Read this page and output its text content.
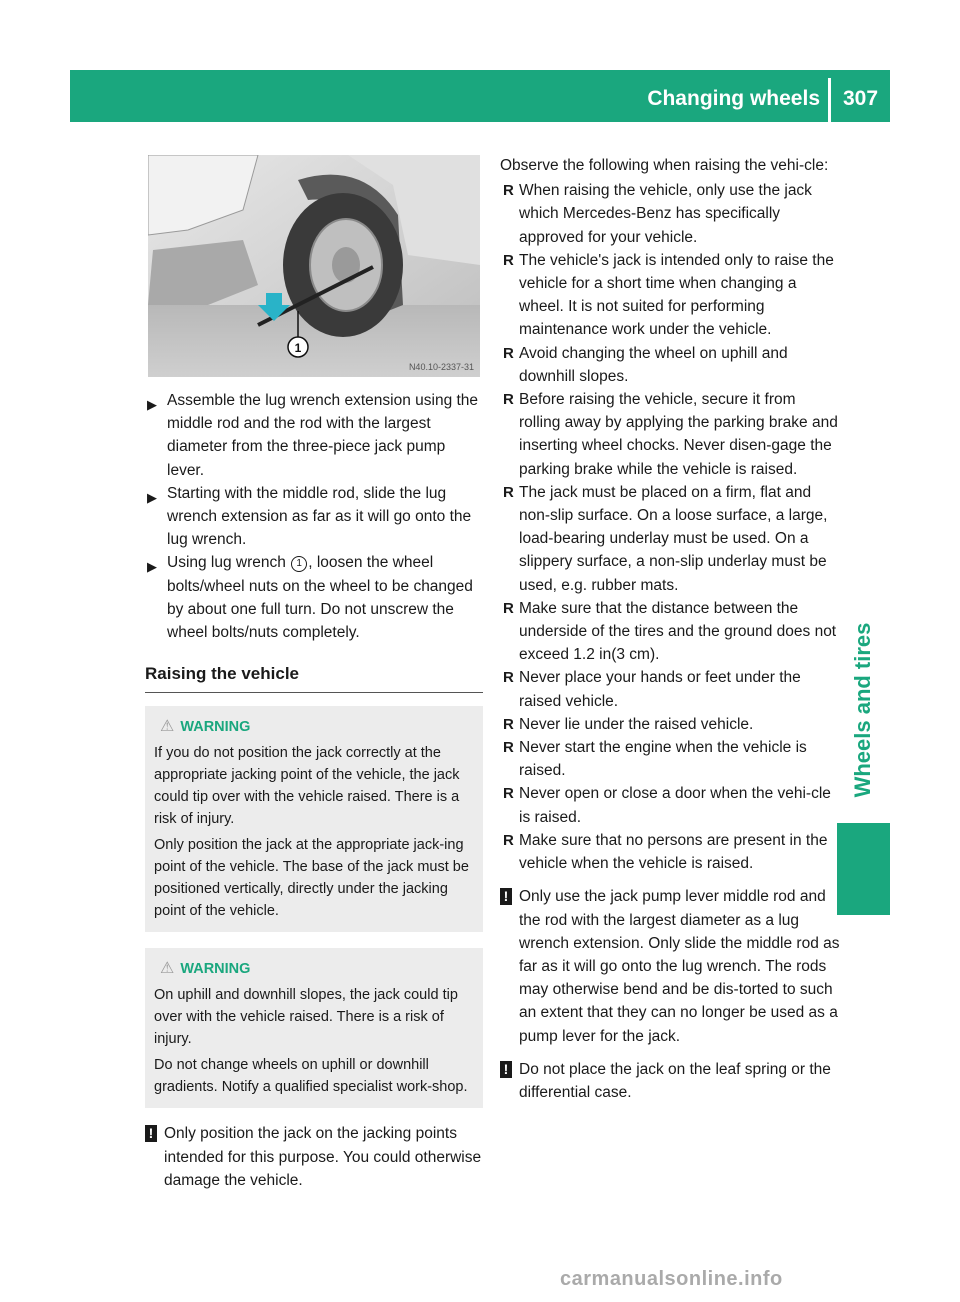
Changing wheels	307
Wheels and tires
1
N40.10-2337-31
▶ Assemble the lug wrench extension using the middle rod and the rod with the largest diameter from the three-piece jack pump lever.
▶ Starting with the middle rod, slide the lug wrench extension as far as it will go onto the lug wrench.
▶ Using lug wrench 1 , loosen the wheel bolts/wheel nuts on the wheel to be changed by about one full turn. Do not unscrew the wheel bolts/nuts completely.
Raising the vehicle
⚠ WARNING

If you do not position the jack correctly at the appropriate jacking point of the vehicle, the jack could tip over with the vehicle raised. There is a risk of injury.

Only position the jack at the appropriate jack-ing point of the vehicle. The base of the jack must be positioned vertically, directly under the jacking point of the vehicle.

⚠ WARNING

On uphill and downhill slopes, the jack could tip over with the vehicle raised. There is a risk of injury.

Do not change wheels on uphill or downhill gradients. Notify a qualified specialist work-shop.

! Only position the jack on the jacking points intended for this purpose. You could otherwise damage the vehicle.

Observe the following when raising the vehi-cle:

R When raising the vehicle, only use the jack which Mercedes-Benz has specifically approved for your vehicle.
R The vehicle's jack is intended only to raise the vehicle for a short time when changing a wheel. It is not suited for performing maintenance work under the vehicle.
R Avoid changing the wheel on uphill and downhill slopes.
R Before raising the vehicle, secure it from rolling away by applying the parking brake and inserting wheel chocks. Never disen-gage the parking brake while the vehicle is raised.
R The jack must be placed on a firm, flat and non-slip surface. On a loose surface, a large, load-bearing underlay must be used. On a slippery surface, a non-slip underlay must be used, e.g. rubber mats.
R Make sure that the distance between the underside of the tires and the ground does not exceed 1.2 in(3 cm).
R Never place your hands or feet under the raised vehicle.
R Never lie under the raised vehicle.
R Never start the engine when the vehicle is raised.
R Never open or close a door when the vehi-cle is raised.
R Make sure that no persons are present in the vehicle when the vehicle is raised.
! Only use the jack pump lever middle rod and the rod with the largest diameter as a lug wrench extension. Only slide the middle rod as far as it will go onto the lug wrench. The rods may otherwise bend and be dis-torted to such an extent that they can no longer be used as a pump lever for the jack.
! Do not place the jack on the leaf spring or the differential case.
carmanualsonline.info
